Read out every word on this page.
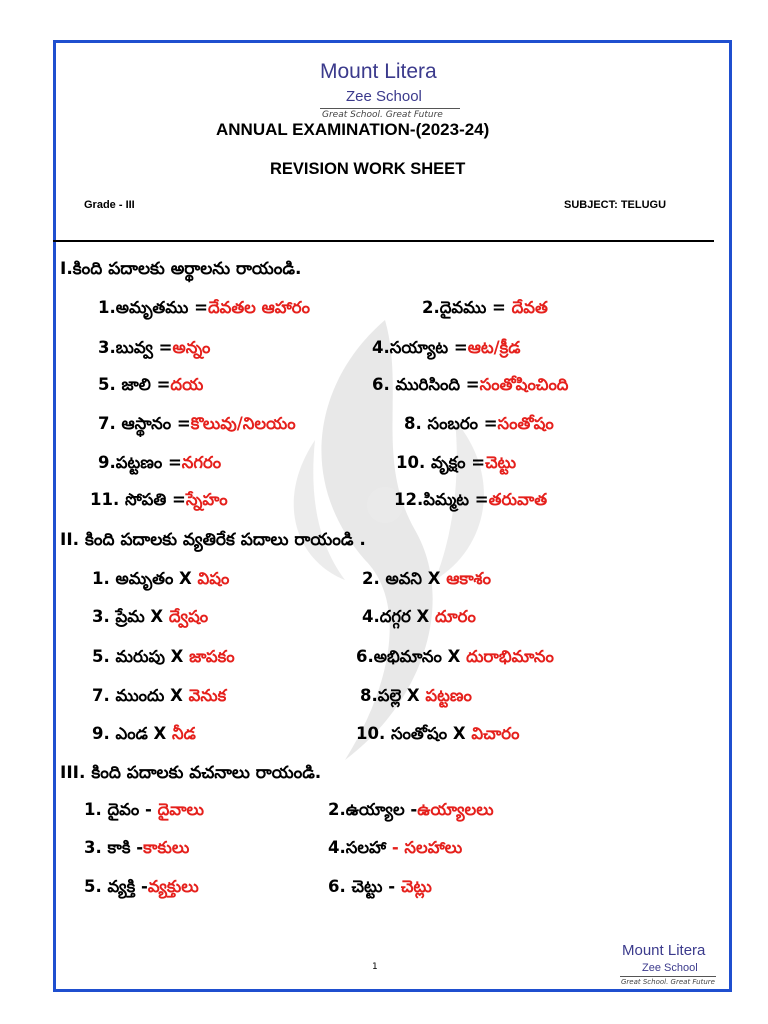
Mount Litera
Zee School
Great School. Great Future
ANNUAL EXAMINATION-(2023-24)
REVISION WORK SHEET
Grade - III	SUBJECT: TELUGU
I.కింది పదాలకు అర్థాలను రాయండి.
1.అమృతము =దేవతల ఆహారం	2.దైవము = దేవత
3.బువ్వ =అన్నం	4.సయ్యాట =ఆట/క్రీడ
5. జాలి =దయ	6. మురిసింది =సంతోషించింది
7. ఆస్థానం =కొలువు/నిలయం	8. సంబరం =సంతోషం
9.పట్టణం =నగరం	10. వృక్షం =చెట్టు
11. సోపతి =స్నేహం	12.పిమ్మట =తరువాత
II. కింది పదాలకు వ్యతిరేక పదాలు రాయండి .
1. అమృతం X విషం	2. అవని X ఆకాశం
3. ప్రేమ X ద్వేషం	4.దగ్గర X దూరం
5. మరుపు X జాపకం	6.అభిమానం X దురాభిమానం
7. ముందు X వెనుక	8.పల్లె X పట్టణం
9. ఎండ X నీడ	10. సంతోషం X విచారం
III. కింది పదాలకు వచనాలు రాయండి.
1. దైవం - దైవాలు	2.ఉయ్యాల -ఉయ్యాలలు
3. కాకి -కాకులు	4.సలహా - సలహాలు
5. వ్యక్తి -వ్యక్తులు	6. చెట్టు - చెట్లు
1
Mount Litera
Zee School
Great School. Great Future
